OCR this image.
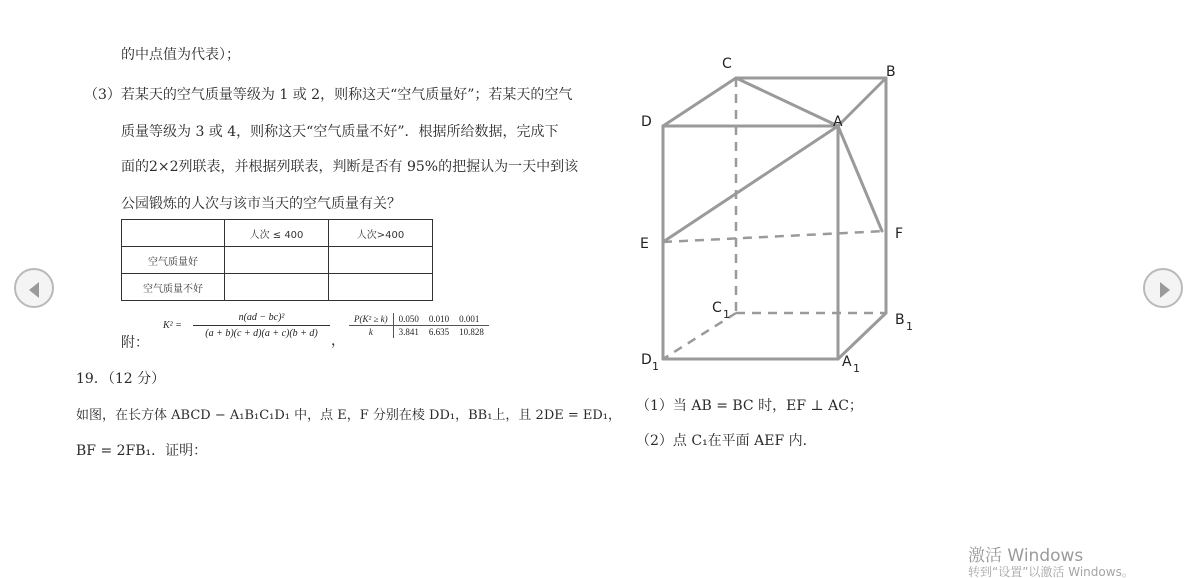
的中点值为代表）；
（3）若某天的空气质量等级为 1 或 2，则称这天“空气质量好”；若某天的空气
质量等级为 3 或 4，则称这天“空气质量不好”．根据所给数据，完成下
面的2×2列联表，并根据列联表，判断是否有 95%的把握认为一天中到该
公园锻炼的人次与该市当天的空气质量有关？
	人次 ≤ 400	人次>400
空气质量好		
空气质量不好		
附：
$K^2 = \frac{\text{n(ad − bc)²}}{(a + b)(c + d)(a + c)(b + d)}$
，
P(K² ≥ k)	0.050	0.010	0.001
k	3.841	6.635	10.828
19．（12 分）
如图，在长方体 ABCD − A₁B₁C₁D₁ 中，点 E，F 分别在棱 DD₁，BB₁上，且 2DE = ED₁，
BF = 2FB₁．证明：
C	B
D	A
E
F
C 1	B 1
D 1	A 1
（1）当 AB = BC 时，EF ⊥ AC；
（2）点 C₁在平面 AEF 内．
激活 Windows
转到“设置”以激活 Windows。
